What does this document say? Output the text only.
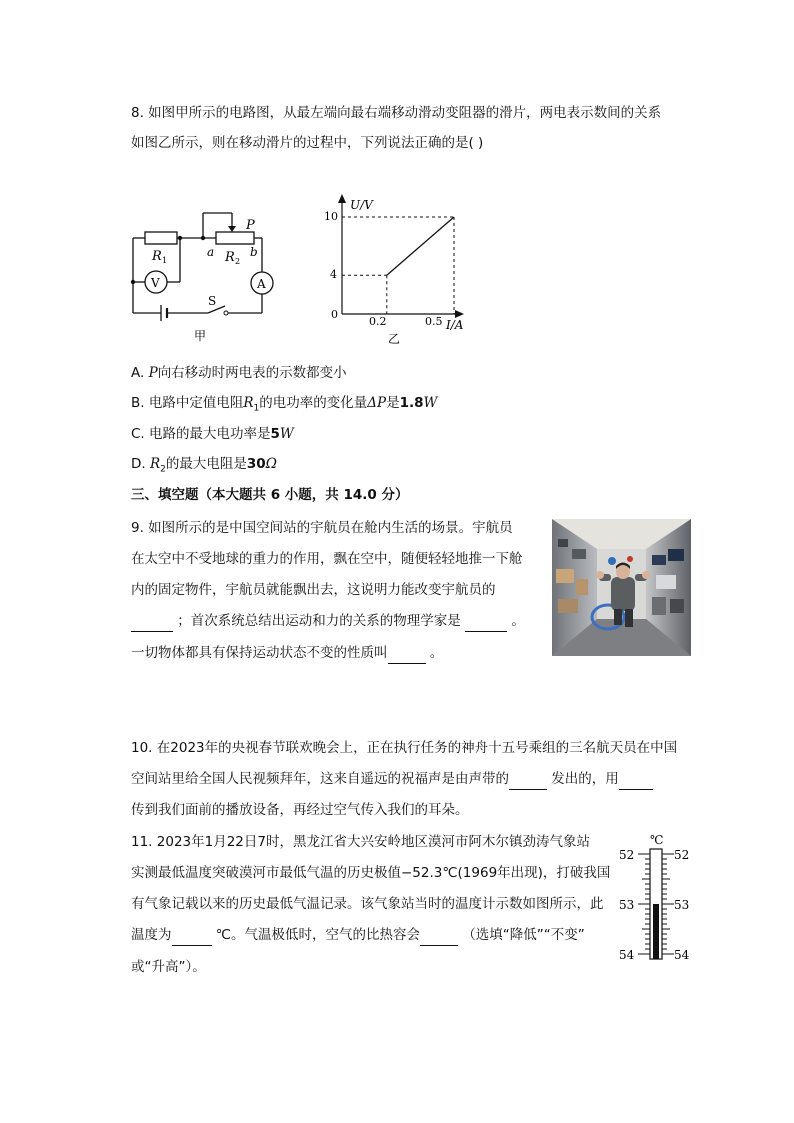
8. 如图甲所示的电路图，从最左端向最右端移动滑动变阻器的滑片，两电表示数间的关系
如图乙所示，则在移动滑片的过程中，下列说法正确的是( )
P
R 1
a R 2
b
V	A
S
甲
U/V
I/A
10
4
0
0.2	0.5
乙
A. P向右移动时两电表的示数都变小
B. 电路中定值电阻$R_1$的电功率的变化量ΔP是1.8W
C. 电路的最大电功率是5W
D. $R_2$的最大电阻是30Ω
三、填空题（本大题共 6 小题，共 14.0 分）
9. 如图所示的是中国空间站的宇航员在舱内生活的场景。宇航员
在太空中不受地球的重力的作用，飘在空中，随便轻轻地推一下舱
内的固定物件，宇航员就能飘出去，这说明力能改变宇航员的
；首次系统总结出运动和力的关系的物理学家是	。
一切物体都具有保持运动状态不变的性质叫	。
10. 在2023年的央视春节联欢晚会上，正在执行任务的神舟十五号乘组的三名航天员在中国
空间站里给全国人民视频拜年，这来自遥远的祝福声是由声带的	发出的，用
传到我们面前的播放设备，再经过空气传入我们的耳朵。
11. 2023年1月22日7时，黑龙江省大兴安岭地区漠河市阿木尔镇劲涛气象站
实测最低温度突破漠河市最低气温的历史极值−52.3℃(1969年出现)，打破我国
有气象记载以来的历史最低气温记录。该气象站当时的温度计示数如图所示，此
温度为	℃。气温极低时，空气的比热容会	（选填“降低”“不变”
或“升高”）。
℃
52
53
54
52
53
54
